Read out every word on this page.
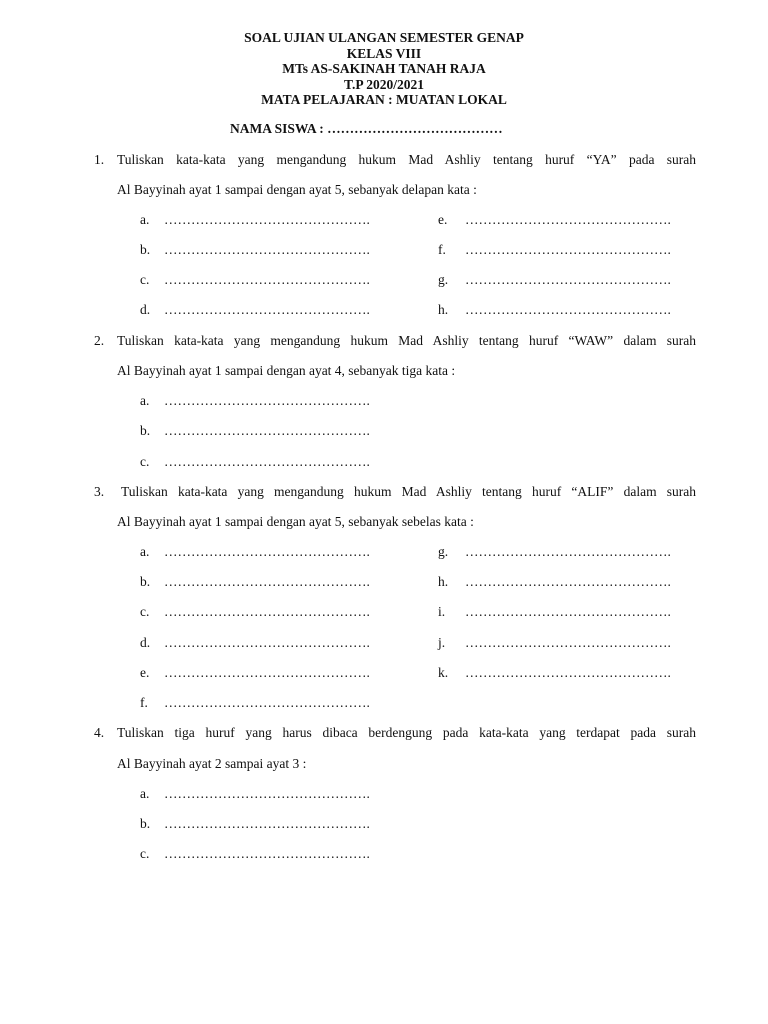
SOAL UJIAN ULANGAN SEMESTER GENAP
KELAS VIII
MTs AS-SAKINAH TANAH RAJA
T.P 2020/2021
MATA PELAJARAN : MUATAN LOKAL
NAMA SISWA : …………………………………
1. Tuliskan kata-kata yang mengandung hukum Mad Ashliy tentang huruf “YA” pada surah
Al Bayyinah ayat 1 sampai dengan ayat 5, sebanyak delapan kata :
a. ……………………………………….
b. ……………………………………….
c. ……………………………………….
d. ……………………………………….
e. ……………………………………….
f. ……………………………………….
g. ……………………………………….
h. ……………………………………….
2. Tuliskan kata-kata yang mengandung hukum Mad Ashliy tentang huruf “WAW” dalam surah
Al Bayyinah ayat 1 sampai dengan ayat 4, sebanyak tiga kata :
a. ……………………………………….
b. ……………………………………….
c. ……………………………………….
3. Tuliskan kata-kata yang mengandung hukum Mad Ashliy tentang huruf “ALIF” dalam surah
Al Bayyinah ayat 1 sampai dengan ayat 5, sebanyak sebelas kata :
a. ……………………………………….
b. ……………………………………….
c. ……………………………………….
d. ……………………………………….
e. ……………………………………….
f. ……………………………………….
g. ……………………………………….
h. ……………………………………….
i. ……………………………………….
j. ……………………………………….
k. ……………………………………….
4. Tuliskan tiga huruf yang harus dibaca berdengung pada kata-kata yang terdapat pada surah
Al Bayyinah ayat 2 sampai ayat 3 :
a. ……………………………………….
b. ……………………………………….
c. ……………………………………….
